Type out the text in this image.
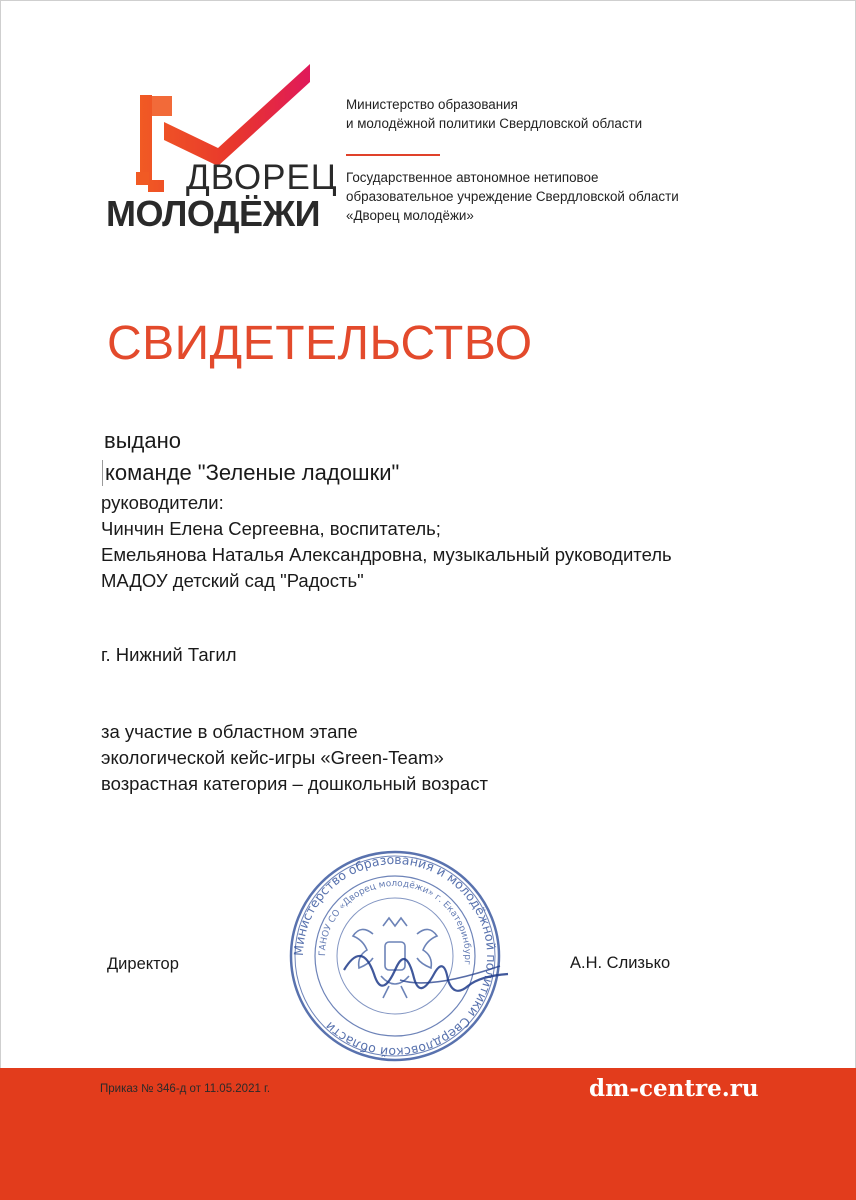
ДВОРЕЦ
МОЛОДЁЖИ
Министерство образования
и молодёжной политики Свердловской области
Государственное автономное нетиповое
образовательное учреждение Свердловской области
«Дворец молодёжи»
СВИДЕТЕЛЬСТВО
выдано
команде "Зеленые ладошки"
руководители:
Чинчин Елена Сергеевна, воспитатель;
Емельянова Наталья Александровна, музыкальный руководитель
МАДОУ детский сад "Радость"
г. Нижний Тагил
за участие в областном этапе
экологической кейс-игры «Green-Team»
возрастная категория – дошкольный возраст
Министерство образования и молодёжной политики Свердловской области
ГАНОУ СО «Дворец молодёжи» г. Екатеринбург
Директор	А.Н. Слизько
Приказ № 346-д от 11.05.2021 г.	dm-centre.ru
